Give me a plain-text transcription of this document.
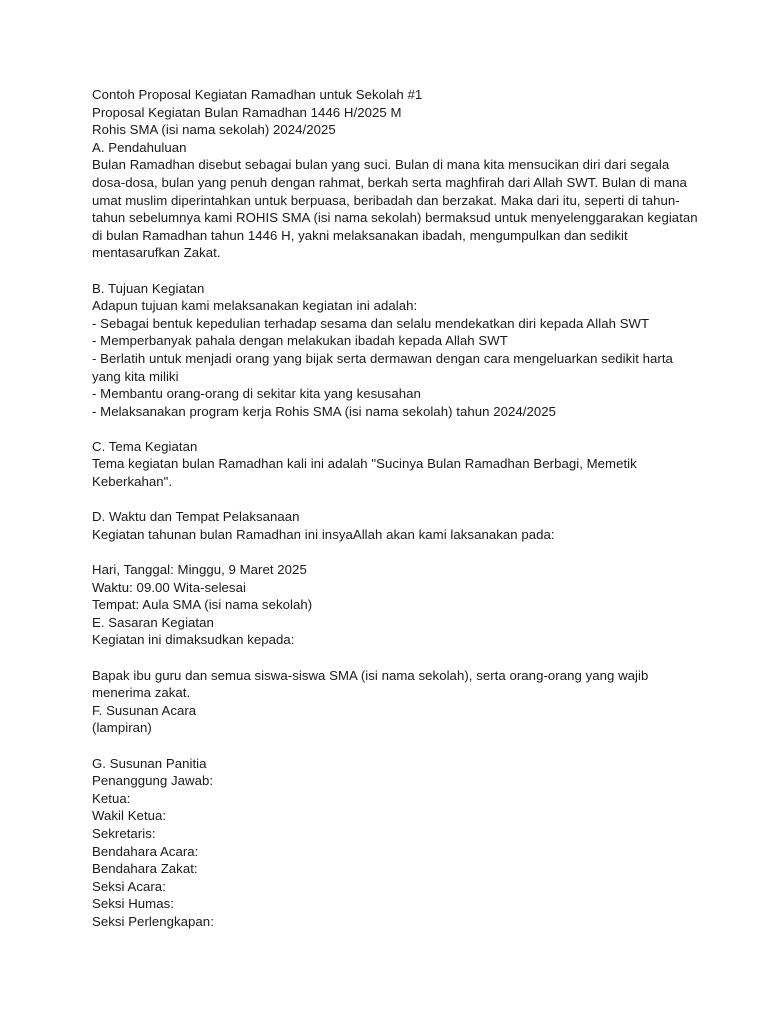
Contoh Proposal Kegiatan Ramadhan untuk Sekolah #1
Proposal Kegiatan Bulan Ramadhan 1446 H/2025 M
Rohis SMA (isi nama sekolah) 2024/2025
A. Pendahuluan
Bulan Ramadhan disebut sebagai bulan yang suci. Bulan di mana kita mensucikan diri dari segala
dosa-dosa, bulan yang penuh dengan rahmat, berkah serta maghfirah dari Allah SWT. Bulan di mana
umat muslim diperintahkan untuk berpuasa, beribadah dan berzakat. Maka dari itu, seperti di tahun-
tahun sebelumnya kami ROHIS SMA (isi nama sekolah) bermaksud untuk menyelenggarakan kegiatan
di bulan Ramadhan tahun 1446 H, yakni melaksanakan ibadah, mengumpulkan dan sedikit
mentasarufkan Zakat.
B. Tujuan Kegiatan
Adapun tujuan kami melaksanakan kegiatan ini adalah:
- Sebagai bentuk kepedulian terhadap sesama dan selalu mendekatkan diri kepada Allah SWT
- Memperbanyak pahala dengan melakukan ibadah kepada Allah SWT
- Berlatih untuk menjadi orang yang bijak serta dermawan dengan cara mengeluarkan sedikit harta
yang kita miliki
- Membantu orang-orang di sekitar kita yang kesusahan
- Melaksanakan program kerja Rohis SMA (isi nama sekolah) tahun 2024/2025
C. Tema Kegiatan
Tema kegiatan bulan Ramadhan kali ini adalah "Sucinya Bulan Ramadhan Berbagi, Memetik
Keberkahan".
D. Waktu dan Tempat Pelaksanaan
Kegiatan tahunan bulan Ramadhan ini insyaAllah akan kami laksanakan pada:
Hari, Tanggal: Minggu, 9 Maret 2025
Waktu: 09.00 Wita-selesai
Tempat: Aula SMA (isi nama sekolah)
E. Sasaran Kegiatan
Kegiatan ini dimaksudkan kepada:
Bapak ibu guru dan semua siswa-siswa SMA (isi nama sekolah), serta orang-orang yang wajib
menerima zakat.
F. Susunan Acara
(lampiran)
G. Susunan Panitia
Penanggung Jawab:
Ketua:
Wakil Ketua:
Sekretaris:
Bendahara Acara:
Bendahara Zakat:
Seksi Acara:
Seksi Humas:
Seksi Perlengkapan:
